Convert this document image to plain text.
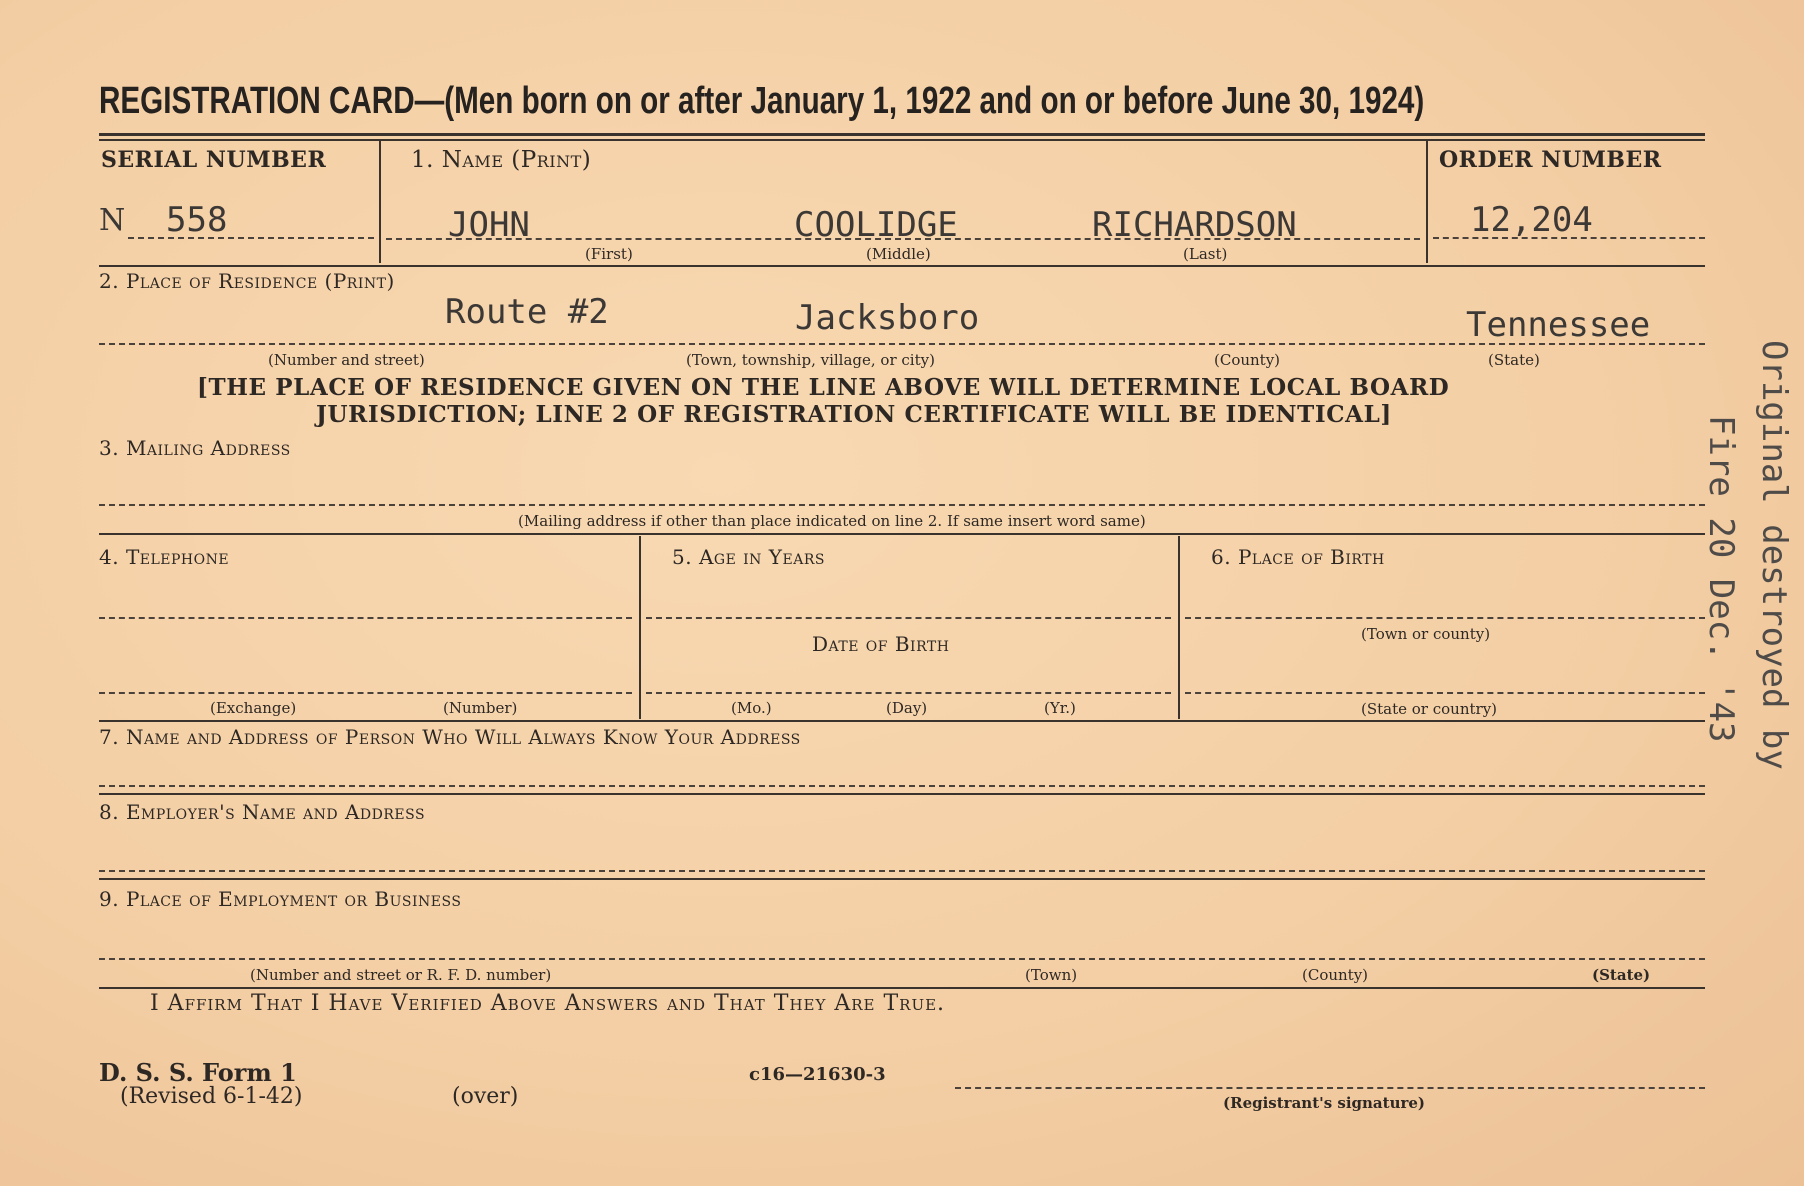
REGISTRATION CARD—(Men born on or after January 1, 1922 and on or before June 30, 1924)
SERIAL NUMBER
N 558
1. Name (Print)
JOHN	COOLIDGE	RICHARDSON
(First)	(Middle)	(Last)
ORDER NUMBER
12,204
2. Place of Residence (Print)
Route #2	Jacksboro	Tennessee
(Number and street)	(Town, township, village, or city)	(County)	(State)
[THE PLACE OF RESIDENCE GIVEN ON THE LINE ABOVE WILL DETERMINE LOCAL BOARD
JURISDICTION; LINE 2 OF REGISTRATION CERTIFICATE WILL BE IDENTICAL]
3. Mailing Address
(Mailing address if other than place indicated on line 2. If same insert word same)
4. Telephone
(Exchange)	(Number)
5. Age in Years
Date of Birth
(Mo.)	(Day)	(Yr.)
6. Place of Birth
(Town or county)
(State or country)
7. Name and Address of Person Who Will Always Know Your Address
8. Employer's Name and Address
9. Place of Employment or Business
(Number and street or R. F. D. number)	(Town)	(County)	(State)
I Affirm That I Have Verified Above Answers and That They Are True.
D. S. S. Form 1
(Revised 6-1-42)	(over)
c16—21630-3
(Registrant's signature)
Original destroyed by
Fire 20 Dec. '43
